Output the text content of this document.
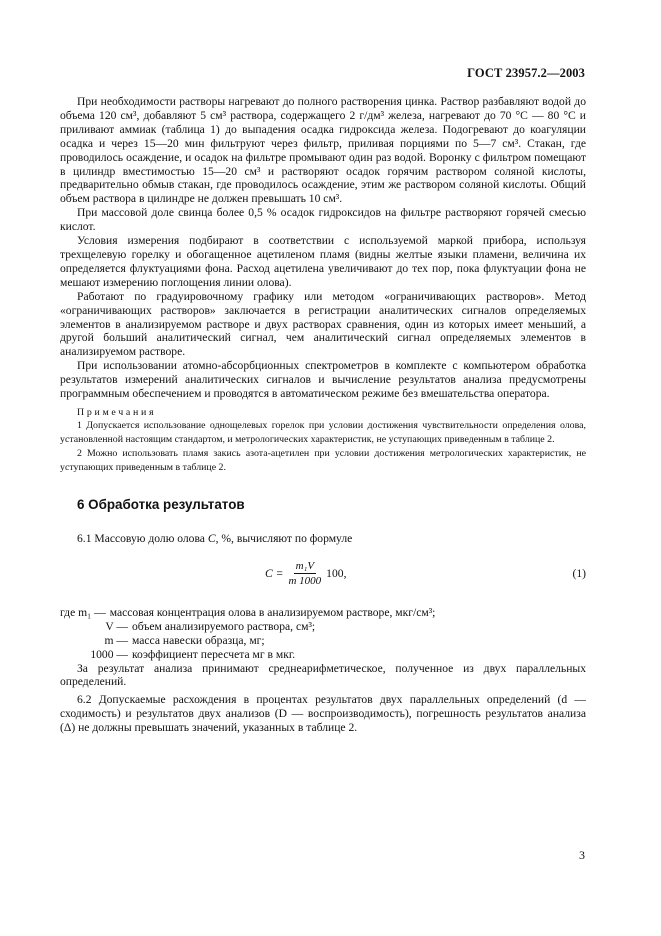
ГОСТ 23957.2—2003

При необходимости растворы нагревают до полного растворения цинка. Раствор разбавляют водой до объема 120 см³, добавляют 5 см³ раствора, содержащего 2 г/дм³ железа, нагревают до 70 °С — 80 °С и приливают аммиак (таблица 1) до выпадения осадка гидроксида железа. Подогревают до коагуляции осадка и через 15—20 мин фильтруют через фильтр, приливая порциями по 5—7 см³. Стакан, где проводилось осаждение, и осадок на фильтре промывают один раз водой. Воронку с фильтром помещают в цилиндр вместимостью 15—20 см³ и растворяют осадок горячим раствором соляной кислоты, предварительно обмыв стакан, где проводилось осаждение, этим же раствором соляной кислоты. Общий объем раствора в цилиндре не должен превышать 10 см³.

При массовой доле свинца более 0,5 % осадок гидроксидов на фильтре растворяют горячей смесью кислот.

Условия измерения подбирают в соответствии с используемой маркой прибора, используя трехщелевую горелку и обогащенное ацетиленом пламя (видны желтые языки пламени, величина их определяется флуктуациями фона. Расход ацетилена увеличивают до тех пор, пока флуктуации фона не мешают измерению поглощения линии олова).

Работают по градуировочному графику или методом «ограничивающих растворов». Метод «ограничивающих растворов» заключается в регистрации аналитических сигналов определяемых элементов в анализируемом растворе и двух растворах сравнения, один из которых имеет меньший, а другой больший аналитический сигнал, чем аналитический сигнал определяемых элементов в анализируемом растворе.

При использовании атомно-абсорбционных спектрометров в комплекте с компьютером обработка результатов измерений аналитических сигналов и вычисление результатов анализа предусмотрены программным обеспечением и проводятся в автоматическом режиме без вмешательства оператора.

Примечания

1 Допускается использование однощелевых горелок при условии достижения чувствительности определения олова, установленной настоящим стандартом, и метрологических характеристик, не уступающих приведенным в таблице 2.

2 Можно использовать пламя закись азота-ацетилен при условии достижения метрологических характеристик, не уступающих приведенным в таблице 2.

6 Обработка результатов

6.1 Массовую долю олова C, %, вычисляют по формуле

$C = \frac{\text{m₁V}}{m 1000} 100$,	(1)
где m₁ — массовая концентрация олова в анализируемом растворе, мкг/см³;
V — объем анализируемого раствора, см³;
m — масса навески образца, мг;
1000 — коэффициент пересчета мг в мкг.

За результат анализа принимают среднеарифметическое, полученное из двух параллельных определений.

6.2 Допускаемые расхождения в процентах результатов двух параллельных определений (d — сходимость) и результатов двух анализов (D — воспроизводимость), погрешность результатов анализа (Δ) не должны превышать значений, указанных в таблице 2.

3
